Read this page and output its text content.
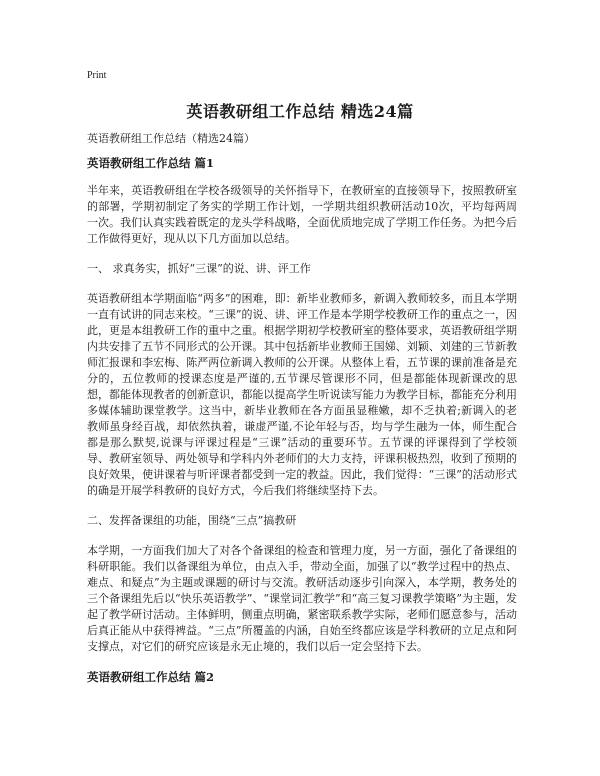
Print
英语教研组工作总结 精选24篇
英语教研组工作总结（精选24篇）
英语教研组工作总结 篇1

半年来，英语教研组在学校各级领导的关怀指导下，在教研室的直接领导下，按照教研室的部署，学期初制定了务实的学期工作计划，一学期共组织教研活动10次，平均每两周一次。我们认真实践着既定的龙头学科战略，全面优质地完成了学期工作任务。为把今后工作做得更好，现从以下几方面加以总结。

一、 求真务实，抓好“三课”的说、讲、评工作

英语教研组本学期面临“两多”的困难，即：新毕业教师多，新调入教师较多，而且本学期一直有试讲的同志来校。“三课”的说、讲、评工作是本学期学校教研工作的重点之一，因此，更是本组教研工作的重中之重。根据学期初学校教研室的整体要求，英语教研组学期内共安排了五节不同形式的公开课。其中包括新毕业教师王国娣、刘颖、刘建的三节新教师汇报课和李宏梅、陈严两位新调入教师的公开课。从整体上看，五节课的课前准备是充分的，五位教师的授课态度是严谨的,五节课尽管课形不同，但是都能体现新课改的思想，都能体现教者的创新意识，都能以提高学生听说读写能力为教学目标，都能充分利用多媒体辅助课堂教学。这当中，新毕业教师在各方面虽显稚嫩，却不乏执着;新调入的老教师虽身经百战，却依然执着，谦虚严谨,不论年轻与否，均与学生融为一体，师生配合都是那么默契,说课与评课过程是“三课”活动的重要环节。五节课的评课得到了学校领导、教研室领导、两处领导和学科内外老师们的大力支持，评课积极热烈，收到了预期的良好效果，使讲课着与听评课者都受到一定的教益。因此，我们觉得：“三课”的活动形式的确是开展学科教研的良好方式，今后我们将继续坚持下去。

二、发挥备课组的功能，围绕“三点”搞教研

本学期，一方面我们加大了对各个备课组的检查和管理力度，另一方面，强化了备课组的科研职能。我们以备课组为单位，由点入手，带动全面，加强了以“教学过程中的热点、难点、和疑点”为主题或课题的研讨与交流。教研活动逐步引向深入，本学期，教务处的三个备课组先后以“快乐英语教学”、“课堂词汇教学”和“高三复习课教学策略”为主题，发起了教学研讨活动。主体鲜明，侧重点明确，紧密联系教学实际，老师们愿意参与，活动后真正能从中获得裨益。“三点”所覆盖的内涵，自始至终都应该是学科教研的立足点和阿支撑点，对它们的研究应该是永无止境的，我们以后一定会坚持下去。

英语教研组工作总结 篇2
